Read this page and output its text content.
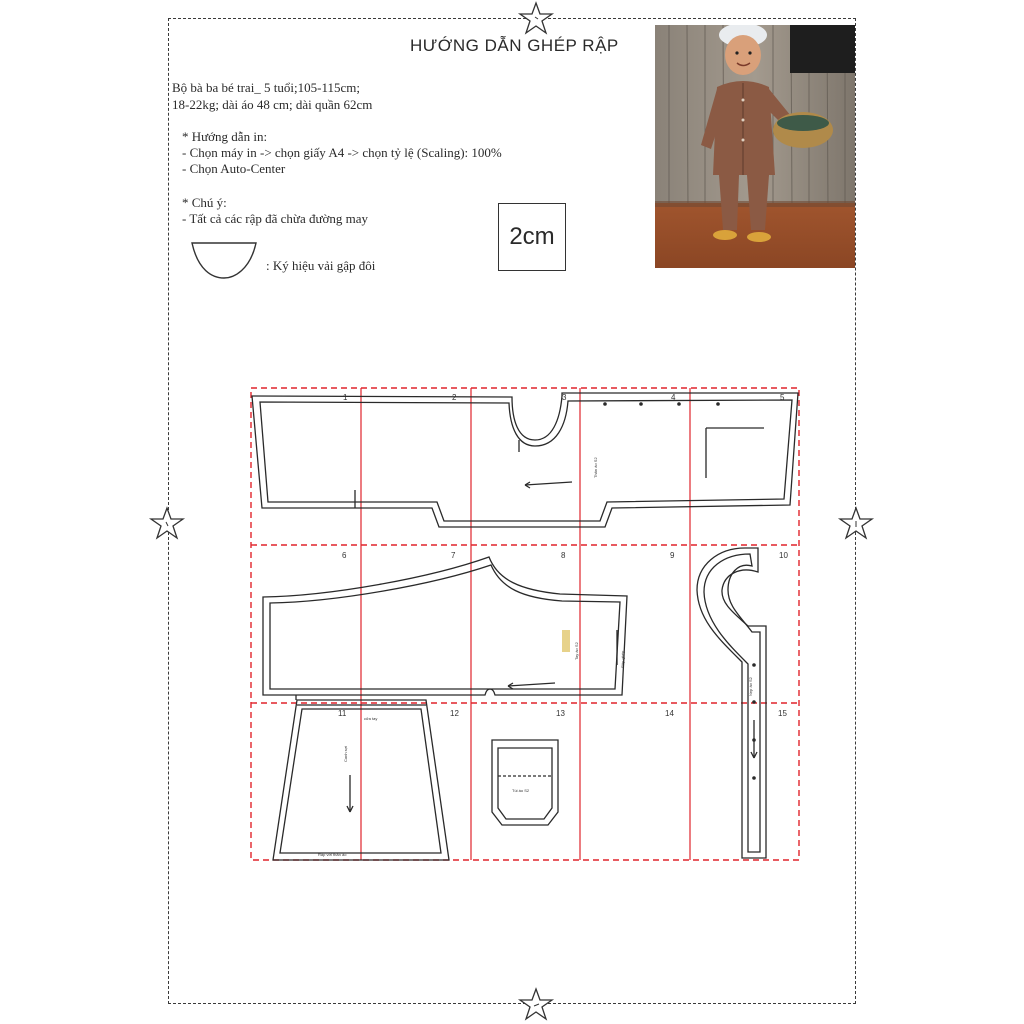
HƯỚNG DẪN GHÉP RẬP
Bộ bà ba bé trai_ 5 tuổi;105-115cm;
18-22kg; dài áo 48 cm; dài quần 62cm
* Hướng dẫn in:
- Chọn máy in -> chọn giấy A4 -> chọn tỷ lệ (Scaling): 100%
- Chọn Auto-Center
* Chú ý:
- Tất cả các rập đã chừa đường may
: Ký hiệu vải gập đôi
2cm
1	2	3	4	5
6	7	8	9	10
11	12	13	14	15
Thân áo S2
Tay áo S2	Rập ghép
Nẹp áo S2
cửa tay
Canh sợi
Ráp với thân áo
Túi áo S2
